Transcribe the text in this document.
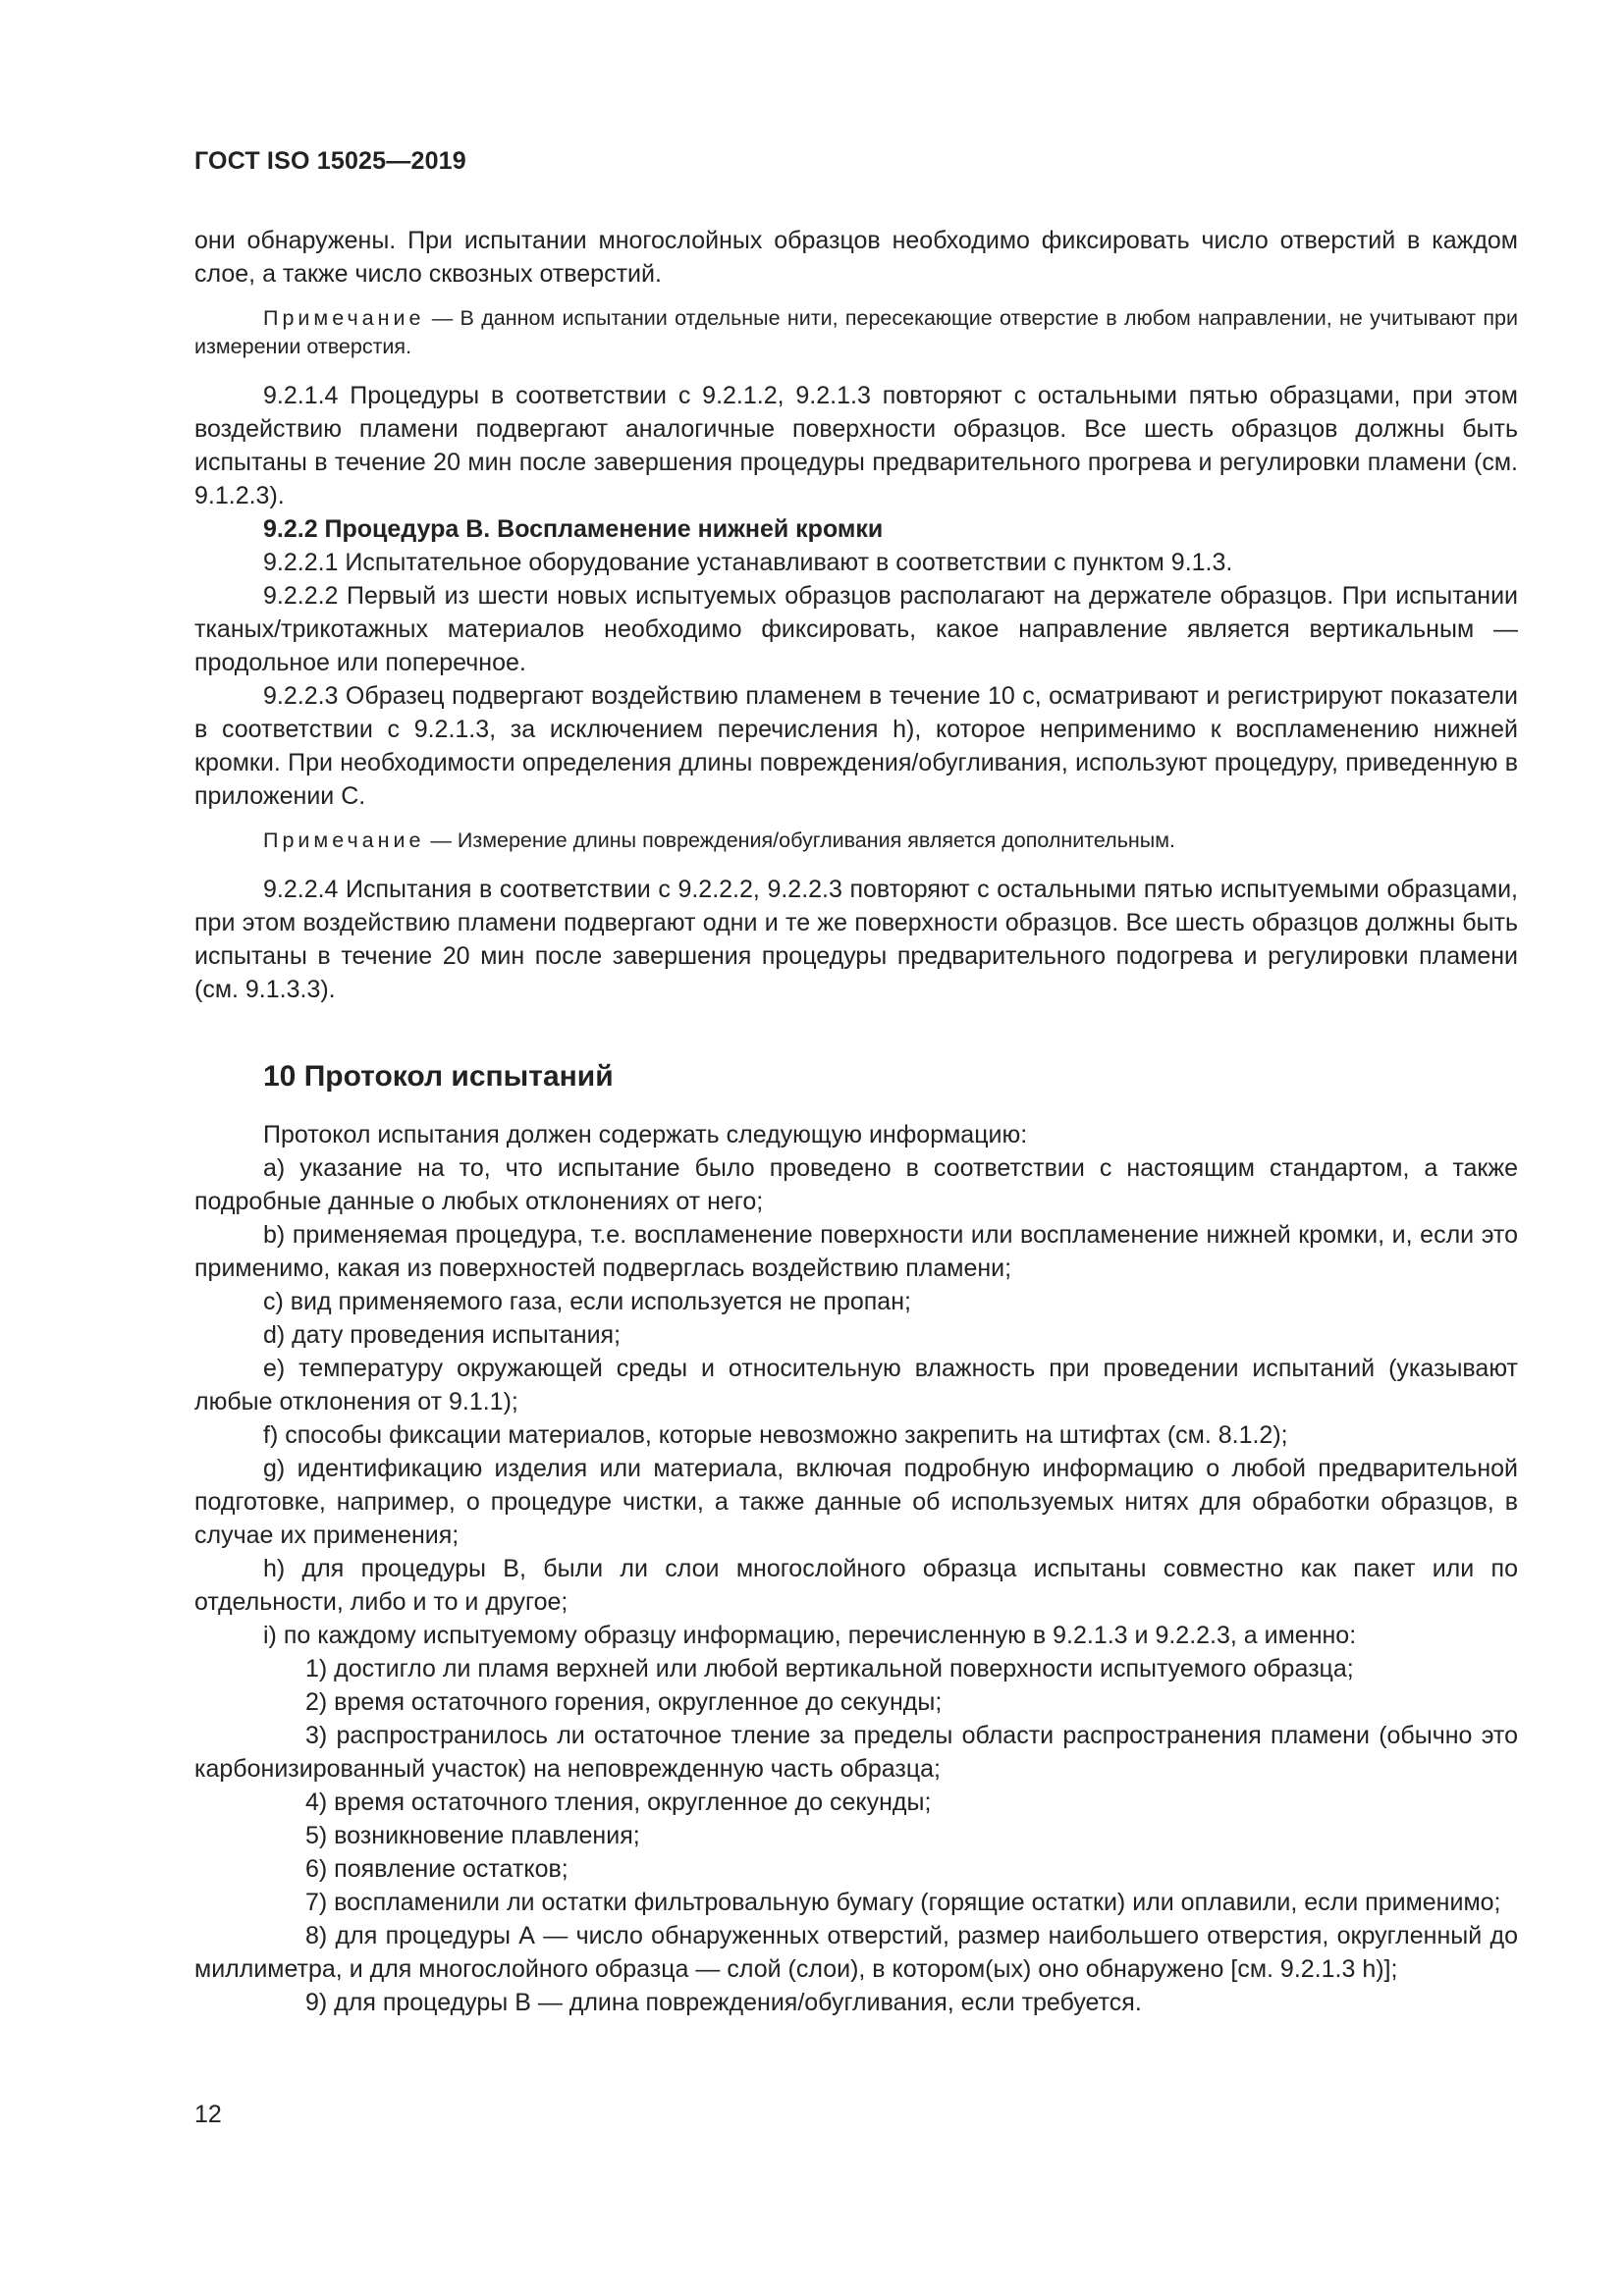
ГОСТ ISO 15025—2019

они обнаружены. При испытании многослойных образцов необходимо фиксировать число отверстий в каждом слое, а также число сквозных отверстий.

Примечание — В данном испытании отдельные нити, пересекающие отверстие в любом направлении, не учитывают при измерении отверстия.

9.2.1.4 Процедуры в соответствии с 9.2.1.2, 9.2.1.3 повторяют с остальными пятью образцами, при этом воздействию пламени подвергают аналогичные поверхности образцов. Все шесть образцов должны быть испытаны в течение 20 мин после завершения процедуры предварительного прогрева и регулировки пламени (см. 9.1.2.3).

9.2.2 Процедура В. Воспламенение нижней кромки

9.2.2.1 Испытательное оборудование устанавливают в соответствии с пунктом 9.1.3.

9.2.2.2 Первый из шести новых испытуемых образцов располагают на держателе образцов. При испытании тканых/трикотажных материалов необходимо фиксировать, какое направление является вертикальным — продольное или поперечное.

9.2.2.3 Образец подвергают воздействию пламенем в течение 10 с, осматривают и регистрируют показатели в соответствии с 9.2.1.3, за исключением перечисления h), которое неприменимо к воспламенению нижней кромки. При необходимости определения длины повреждения/обугливания, используют процедуру, приведенную в приложении С.

Примечание — Измерение длины повреждения/обугливания является дополнительным.

9.2.2.4 Испытания в соответствии с 9.2.2.2, 9.2.2.3 повторяют с остальными пятью испытуемыми образцами, при этом воздействию пламени подвергают одни и те же поверхности образцов. Все шесть образцов должны быть испытаны в течение 20 мин после завершения процедуры предварительного подогрева и регулировки пламени (см. 9.1.3.3).

10 Протокол испытаний

Протокол испытания должен содержать следующую информацию:

a) указание на то, что испытание было проведено в соответствии с настоящим стандартом, а также подробные данные о любых отклонениях от него;

b) применяемая процедура, т.е. воспламенение поверхности или воспламенение нижней кромки, и, если это применимо, какая из поверхностей подверглась воздействию пламени;

c) вид применяемого газа, если используется не пропан;

d) дату проведения испытания;

e) температуру окружающей среды и относительную влажность при проведении испытаний (указывают любые отклонения от 9.1.1);

f) способы фиксации материалов, которые невозможно закрепить на штифтах (см. 8.1.2);

g) идентификацию изделия или материала, включая подробную информацию о любой предварительной подготовке, например, о процедуре чистки, а также данные об используемых нитях для обработки образцов, в случае их применения;

h) для процедуры В, были ли слои многослойного образца испытаны совместно как пакет или по отдельности, либо и то и другое;

i) по каждому испытуемому образцу информацию, перечисленную в 9.2.1.3 и 9.2.2.3, а именно:

1) достигло ли пламя верхней или любой вертикальной поверхности испытуемого образца;

2) время остаточного горения, округленное до секунды;

3) распространилось ли остаточное тление за пределы области распространения пламени (обычно это карбонизированный участок) на неповрежденную часть образца;

4) время остаточного тления, округленное до секунды;

5) возникновение плавления;

6) появление остатков;

7) воспламенили ли остатки фильтровальную бумагу (горящие остатки) или оплавили, если применимо;

8) для процедуры А — число обнаруженных отверстий, размер наибольшего отверстия, округленный до миллиметра, и для многослойного образца — слой (слои), в котором(ых) оно обнаружено [см. 9.2.1.3 h)];

9) для процедуры В — длина повреждения/обугливания, если требуется.

12
